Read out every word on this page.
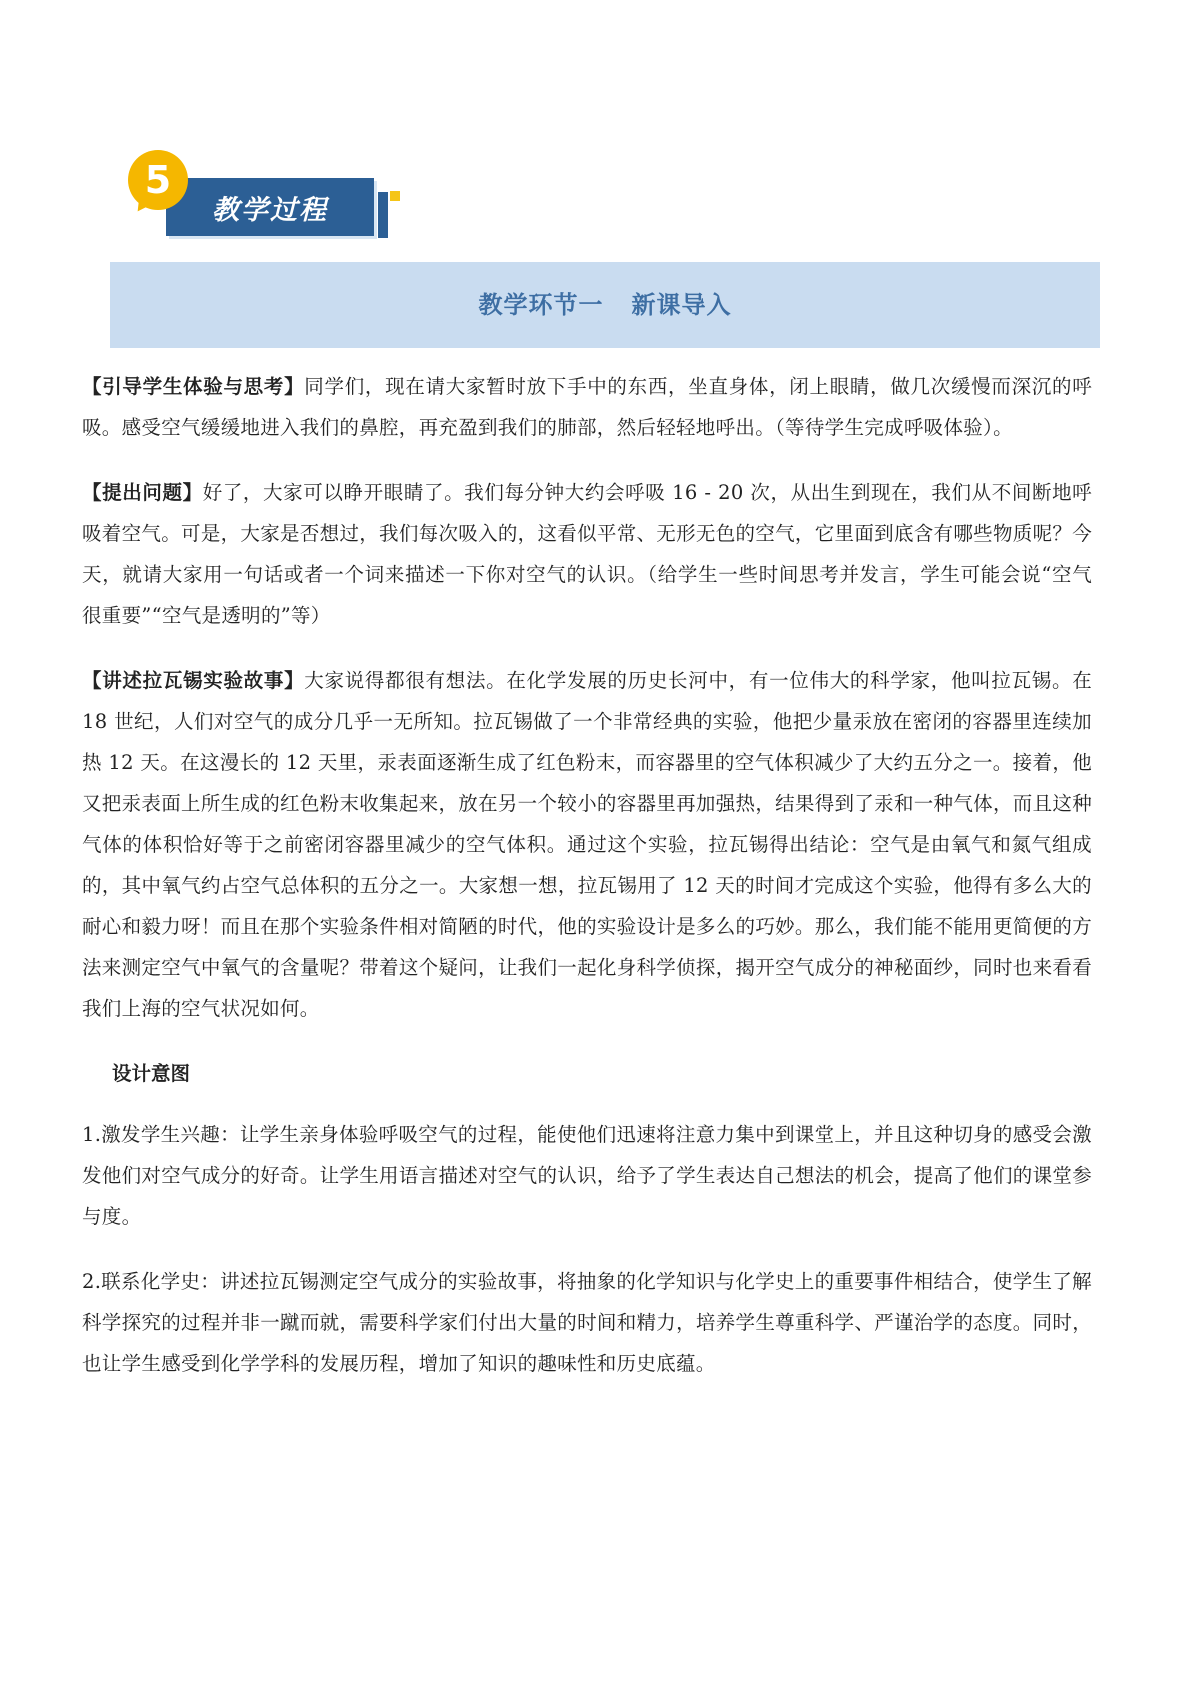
教学过程
5
教学环节一 新课导入

【引导学生体验与思考】同学们，现在请大家暂时放下手中的东西，坐直身体，闭上眼睛，做几次缓慢而深沉的呼吸。感受空气缓缓地进入我们的鼻腔，再充盈到我们的肺部，然后轻轻地呼出。（等待学生完成呼吸体验）。

【提出问题】好了，大家可以睁开眼睛了。我们每分钟大约会呼吸 16 - 20 次，从出生到现在，我们从不间断地呼吸着空气。可是，大家是否想过，我们每次吸入的，这看似平常、无形无色的空气，它里面到底含有哪些物质呢？今天，就请大家用一句话或者一个词来描述一下你对空气的认识。（给学生一些时间思考并发言，学生可能会说“空气很重要”“空气是透明的”等）

【讲述拉瓦锡实验故事】大家说得都很有想法。在化学发展的历史长河中，有一位伟大的科学家，他叫拉瓦锡。在 18 世纪，人们对空气的成分几乎一无所知。拉瓦锡做了一个非常经典的实验，他把少量汞放在密闭的容器里连续加热 12 天。在这漫长的 12 天里，汞表面逐渐生成了红色粉末，而容器里的空气体积减少了大约五分之一。接着，他又把汞表面上所生成的红色粉末收集起来，放在另一个较小的容器里再加强热，结果得到了汞和一种气体，而且这种气体的体积恰好等于之前密闭容器里减少的空气体积。通过这个实验，拉瓦锡得出结论：空气是由氧气和氮气组成的，其中氧气约占空气总体积的五分之一。大家想一想，拉瓦锡用了 12 天的时间才完成这个实验，他得有多么大的耐心和毅力呀！而且在那个实验条件相对简陋的时代，他的实验设计是多么的巧妙。那么，我们能不能用更简便的方法来测定空气中氧气的含量呢？带着这个疑问，让我们一起化身科学侦探，揭开空气成分的神秘面纱，同时也来看看我们上海的空气状况如何。

设计意图

1.激发学生兴趣：让学生亲身体验呼吸空气的过程，能使他们迅速将注意力集中到课堂上，并且这种切身的感受会激发他们对空气成分的好奇。让学生用语言描述对空气的认识，给予了学生表达自己想法的机会，提高了他们的课堂参与度。

2.联系化学史：讲述拉瓦锡测定空气成分的实验故事，将抽象的化学知识与化学史上的重要事件相结合，使学生了解科学探究的过程并非一蹴而就，需要科学家们付出大量的时间和精力，培养学生尊重科学、严谨治学的态度。同时，也让学生感受到化学学科的发展历程，增加了知识的趣味性和历史底蕴。
